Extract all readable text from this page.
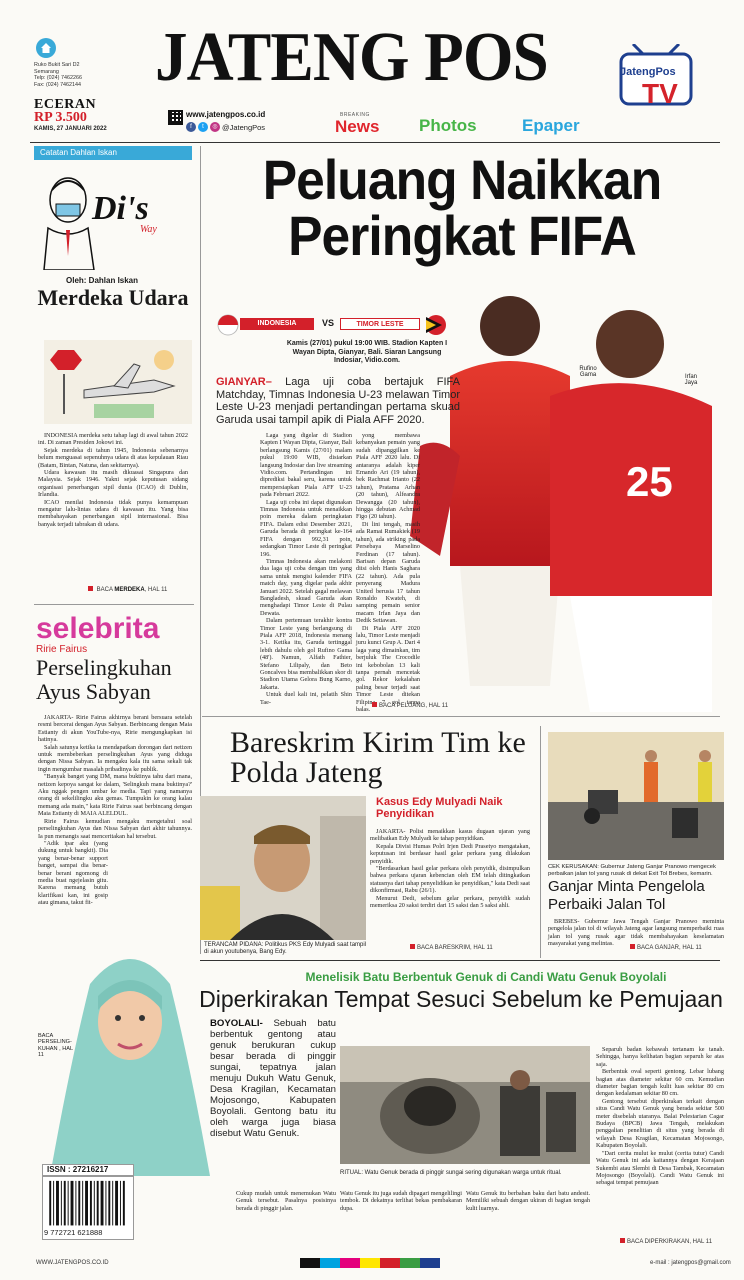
Ruko Bukit Sari D2
Semarang
Telp: (024) 7462266
Fax: (024) 7462144
ECERAN
RP 3.500
KAMIS, 27 JANUARI 2022
JATENG POS
www.jatengpos.co.id
f	t	◎ @JatengPos
BREAKING
News Photos	Epaper
JatengPos
TV
Catatan Dahlan Iskan
Di's
Way
Oleh: Dahlan Iskan
Merdeka Udara

INDONESIA merdeka setu tahap lagi di awal tahun 2022 ini. Di zaman Presiden Jokowi ini.

Sejak merdeka di tahun 1945, Indonesia sebenarnya belum menguasai sepenuhnya udara di atas kepulauan Riau (Batam, Bintan, Natuna, dan sekitarnya).

Udara kawasan itu masih dikuasai Singapura dan Malaysia. Sejak 1946. Yakni sejak keputusan sidang organisasi penerbangan sipil dunia (ICAO) di Dublin, Irlandia.

ICAO menilai Indonesia tidak punya kemampuan mengatur lalu-lintas udara di kawasan itu. Yang bisa membahayakan penerbangan sipil internasional. Bisa banyak terjadi tabrakan di udara.

BACA MERDEKA, HAL 11
selebrita
Ririe Fairus
Perselingkuhan Ayus Sabyan

JAKARTA- Ririe Fairus akhirnya berani bersuara setelah resmi bercerai dengan Ayus Sabyan. Berbincang dengan Maia Estianty di akun YouTube-nya, Ririe mengungkapkan isi hatinya.

Salah satunya ketika ia mendapatkan dorongan dari netizen untuk membeberkan perselingkuhan Ayus yang diduga dengan Nissa Sabyan. Ia mengaku kala itu sama sekali tak ingin mengumbar masalah pribadinya ke publik.

"Banyak banget yang DM, mana buktinya tahu dari mana, netizen kepoya sangat ke dalam, 'Selingkuh mana buktinya?' Aku nggak pengen umbar ke media. Tapi yang namanya orang di sekelilingku aku gemas. Tumpukin ke orang kalau memang ada main," kata Ririe Fairus saat berbincang dengan Maia Estianty di MAIA ALELDUL.

Ririe Fairus kemudian mengaku mengetahui soal perselingkuhan Ayus dan Nissa Sabyan dari akhir tahunnya. Ia pun menangis saat menceritakan hal tersebut.

"Adik ipar aku (yang dukung untuk bangkit). Dia yang benar-benar support banget, sampai dia benar-benar berani ngomong di media buat ngejelasin gitu. Karena memang butuh klarifikasi kan, ini gosip atau gimana, takut fit-

BACA PERSELING-KUHAN , HAL 11
ISSN : 27216217
9 772721 621888
Peluang Naikkan
Peringkat FIFA
25
INDONESIA	VS	TIMOR LESTE
Kamis (27/01) pukul 19:00 WIB. Stadion Kapten I Wayan Dipta, Gianyar, Bali. Siaran Langsung Indosiar, Vidio.com.
Rufino Gama	Irfan Jaya
GIANYAR– Laga uji coba bertajuk FIFA Matchday, Timnas Indonesia U-23 melawan Timor Leste U-23 menjadi pertandingan pertama skuad Garuda usai tampil apik di Piala AFF 2020.

Laga yang digelar di Stadion Kapten I Wayan Dipta, Gianyar, Bali berlangsung Kamis (27/01) malam pukul 19:00 WIB, disiarkan langsung Indosiar dan live streaming Vidio.com. Pertandingan ini diprediksi bakal seru, karena untuk mempersiapkan Piala AFF U-23 pada Februari 2022.

Laga uji coba ini dapat digunakan Timnas Indonesia untuk menaikkan poin mereka dalam peringkatan FIFA. Dalam edisi Desember 2021, Garuda berada di peringkat ke-164 FIFA dengan 992,31 poin, sedangkan Timor Leste di peringkat 196.

Timnas Indonesia akan melakoni dua laga uji coba dengan tim yang sama untuk mengisi kalender FIFA match day, yang digelar pada akhir Januari 2022. Setelah gagal melawan Bangladesh, skuad Garuda akan menghadapi Timor Leste di Pulau Dewata.

Dalam pertemuan terakhir kontra Timor Leste yang berlangsung di Piala AFF 2018, Indonesia menang 3-1. Ketika itu, Garuda tertinggal lebih dahulu oleh gol Rufino Gama (48'). Namun, Alfath Fathier, Stefano Lilipaly, dan Beto Goncalves bisa membalikkan skor di Stadion Utama Gelora Bung Karno, Jakarta.

Untuk duel kali ini, pelatih Shin Tae-

yong membawa kebanyakan pemain yang sudah dipanggilkan ke Piala AFF 2020 lalu. Di antaranya adalah kiper Ernando Ari (19 tahun), bek Rachmat Irianto (22 tahun), Pratama Arhan (20 tahun), Alfeandra Dewangga (20 tahun), hingga debutan Achmad Figo (20 tahun).

Di lini tengah, masih ada Ramai Rumakiek (19 tahun), ada striking pada Persebaya Marselino Ferdinan (17 tahun). Barisan depan Garuda diisi oleh Hanis Saghara (22 tahun). Ada pula penyerang Madura United berusia 17 tahun Ronaldo Kwateh, di samping pemain senior macam Irfan Jaya dan Dedik Setiawan.

Di Piala AFF 2020 lalu, Timor Leste menjadi juru kunci Grup A. Dari 4 laga yang dimainkan, tim berjuluk The Crocodile ini kebobolan 13 kali tanpa pernah mencetak gol. Rekor kekalahan paling besar terjadi saat Timor Leste ditekan Filipina 7 gol tanpa balas.

BACA PELUANG, HAL 11
Bareskrim Kirim Tim ke Polda Jateng
Kasus Edy Mulyadi Naik Penyidikan
TERANCAM PIDANA: Politikus PKS Edy Mulyadi saat tampil di akun youtubenya, Bang Edy.

JAKARTA- Polisi menaikkan kasus dugaan ujaran yang melibatkan Edy Mulyadi ke tahap penyidikan.

Kepala Divisi Humas Polri Irjen Dedi Prasetyo mengatakan, keputusan ini berdasar hasil gelar perkara yang dilakukan penyidik.

"Berdasarkan hasil gelar perkara oleh penyidik, disimpulkan bahwa perkara ujaran kebencian oleh EM telah ditingkatkan statusnya dari tahap penyelidikan ke penyidikan," kata Dedi saat dikonfirmasi, Rabu (26/1).

Menurut Dedi, sebelum gelar perkara, penyidik sudah memeriksa 20 saksi terdiri dari 15 saksi dan 5 saksi ahli.

BACA BARESKRIM, HAL 11
CEK KERUSAKAN: Gubernur Jateng Ganjar Pranowo mengecek perbaikan jalan tol yang rusak di dekat Exit Tol Brebes, kemarin.
Ganjar Minta Pengelola Perbaiki Jalan Tol

BREBES- Gubernur Jawa Tengah Ganjar Pranowo meminta pengelola jalan tol di wilayah Jateng agar langsung memperbaiki ruas jalan tol yang rusak agar tidak membahayakan keselamatan masyarakat yang melintas.

BACA GANJAR, HAL 11
Menelisik Batu Berbentuk Genuk di Candi Watu Genuk Boyolali
Diperkirakan Tempat Sesuci Sebelum ke Pemujaan
BOYOLALI- Sebuah batu berbentuk gentong atau genuk berukuran cukup besar berada di pinggir sungai, tepatnya jalan menuju Dukuh Watu Genuk, Desa Kragilan, Kecamatan Mojosongo, Kabupaten Boyolali. Gentong batu itu oleh warga juga biasa disebut Watu Genuk.
RITUAL: Watu Genuk berada di pinggir sungai sering digunakan warga untuk ritual.
Cukup mudah untuk menemukan Watu Genuk tersebut. Pasalnya posisinya berada di pinggir jalan.
Watu Genuk itu juga sudah dipagari mengelilingi tembok. Di dekatnya terlihat bekas pembakaran dupa.
Watu Genuk itu berbahan baku dari batu andesit. Memiliki sebuah dengan ukiran di bagian tengah kulit luarnya.

Separuh badan kebawah tertanam ke tanah. Sehingga, hanya kelihatan bagian separuh ke atas saja.

Berbentuk oval seperti gentong. Lebar lubang bagian atas diameter sekitar 60 cm. Kemudian diameter bagian tengah kulit luas sekitar 80 cm dengan kedalaman sekitar 80 cm.

Gentong tersebut diperkirakan terkait dengan situs Candi Watu Genuk yang berada sekitar 500 meter disebelah utaranya. Balai Pelestarian Cagar Budaya (BPCB) Jawa Tengah, melakukan penggalian penelitian di situs yang berada di wilayah Desa Kragilan, Kecamatan Mojosongo, Kabupaten Boyolali.

"Dari cerita mulut ke mulut (cerita tutur) Candi Watu Genuk ini ada kaitannya dengan Kerajaan Sukembi atau Slembi di Desa Tambak, Kecamatan Mojosongo (Boyolali). Candi Watu Genuk ini sebagai tempat pemujaan

BACA DIPERKIRAKAN, HAL 11
WWW.JATENGPOS.CO.ID	e-mail : jatengpos@gmail.com
